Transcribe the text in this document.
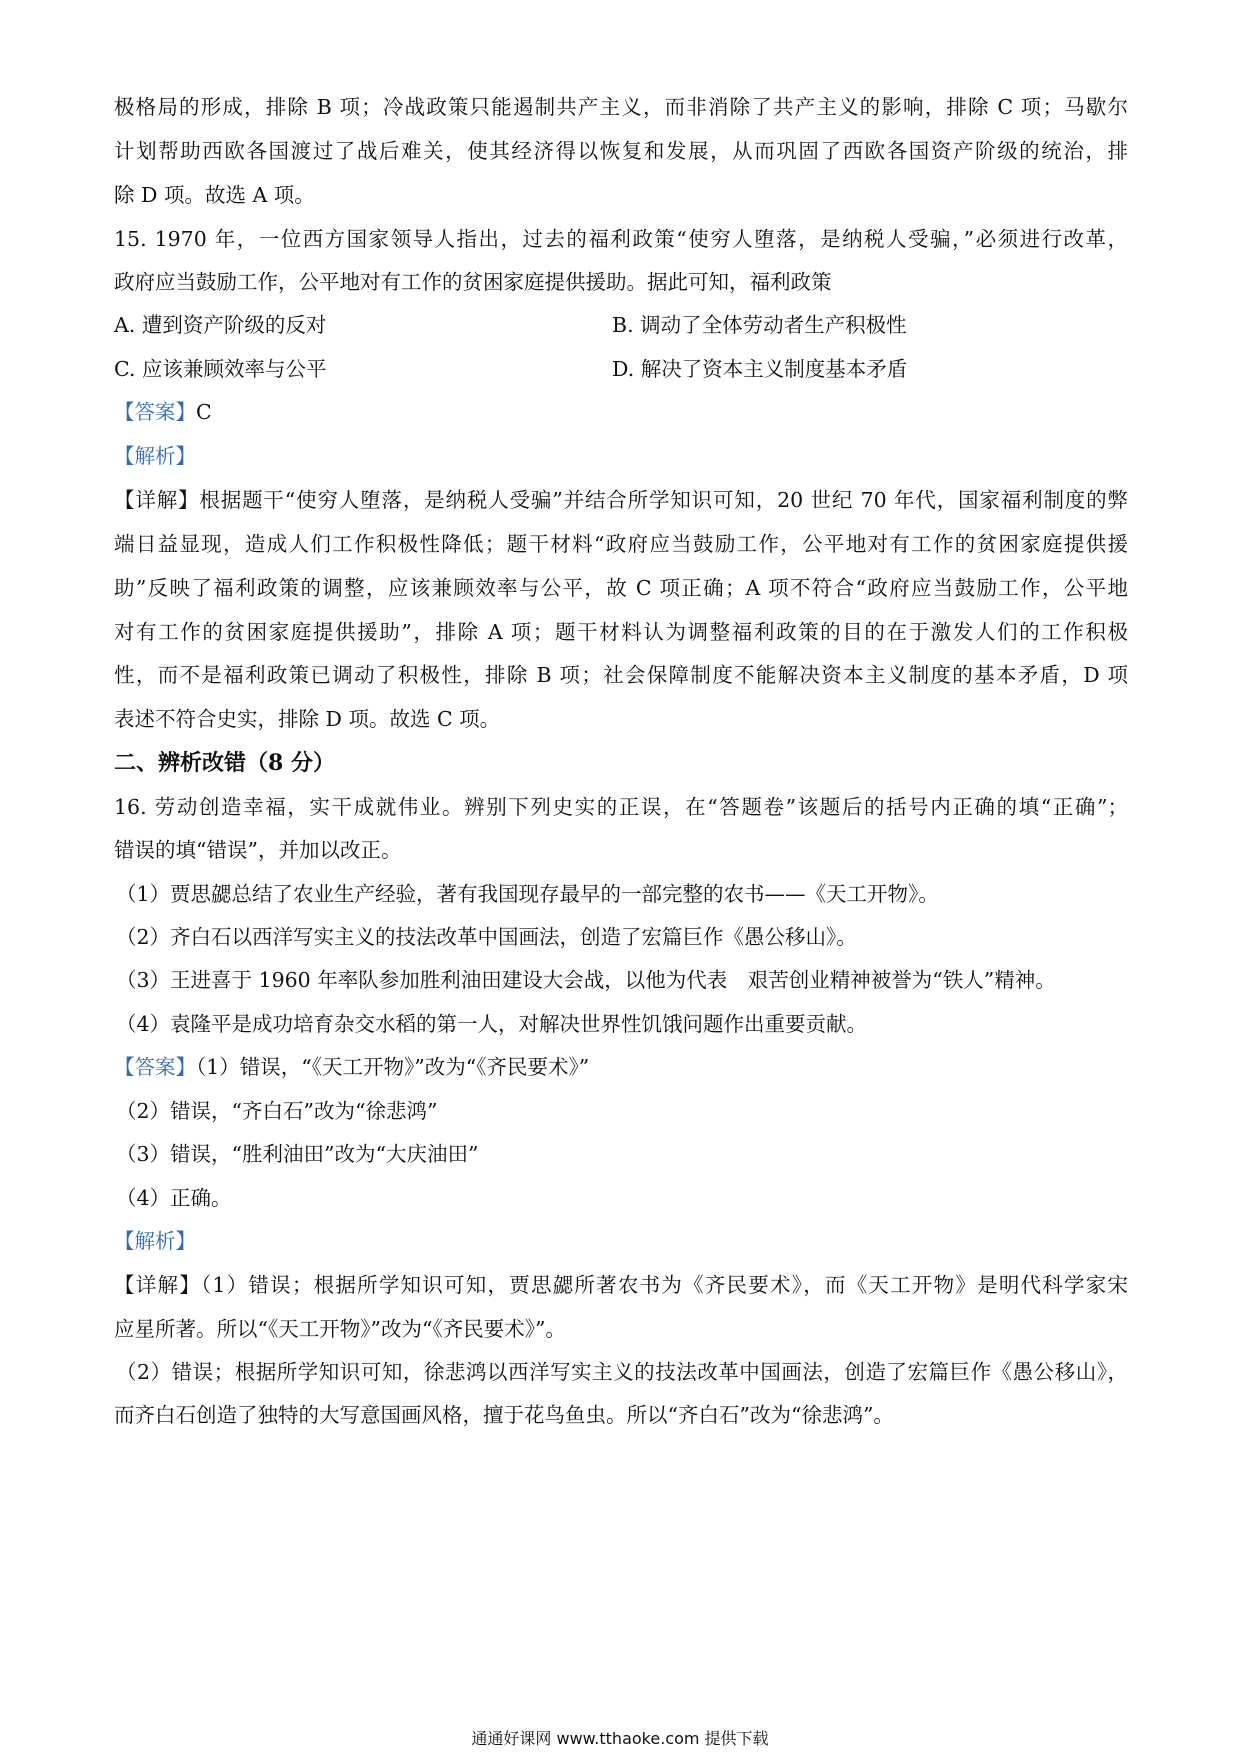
极格局的形成，排除 B 项；冷战政策只能遏制共产主义，而非消除了共产主义的影响，排除 C 项；马歇尔
计划帮助西欧各国渡过了战后难关，使其经济得以恢复和发展，从而巩固了西欧各国资产阶级的统治，排
除 D 项。故选 A 项。
15. 1970 年，一位西方国家领导人指出，过去的福利政策“使穷人堕落，是纳税人受骗，”必须进行改革，
政府应当鼓励工作，公平地对有工作的贫困家庭提供援助。据此可知，福利政策
A. 遭到资产阶级的反对	B. 调动了全体劳动者生产积极性
C. 应该兼顾效率与公平	D. 解决了资本主义制度基本矛盾
【答案】C
【解析】
【详解】根据题干“使穷人堕落，是纳税人受骗”并结合所学知识可知，20 世纪 70 年代，国家福利制度的弊
端日益显现，造成人们工作积极性降低；题干材料“政府应当鼓励工作，公平地对有工作的贫困家庭提供援
助”反映了福利政策的调整，应该兼顾效率与公平，故 C 项正确；A 项不符合“政府应当鼓励工作，公平地
对有工作的贫困家庭提供援助”，排除 A 项；题干材料认为调整福利政策的目的在于激发人们的工作积极
性，而不是福利政策已调动了积极性，排除 B 项；社会保障制度不能解决资本主义制度的基本矛盾，D 项
表述不符合史实，排除 D 项。故选 C 项。
二、辨析改错（8 分）
16. 劳动创造幸福，实干成就伟业。辨别下列史实的正误，在“答题卷”该题后的括号内正确的填“正确”；
错误的填“错误”，并加以改正。
（1）贾思勰总结了农业生产经验，著有我国现存最早的一部完整的农书——《天工开物》。
（2）齐白石以西洋写实主义的技法改革中国画法，创造了宏篇巨作《愚公移山》。
（3）王进喜于 1960 年率队参加胜利油田建设大会战，以他为代表　艰苦创业精神被誉为“铁人”精神。
（4）袁隆平是成功培育杂交水稻的第一人，对解决世界性饥饿问题作出重要贡献。
【答案】（1）错误，“《天工开物》”改为“《齐民要术》”
（2）错误，“齐白石”改为“徐悲鸿”
（3）错误，“胜利油田”改为“大庆油田”
（4）正确。
【解析】
【详解】（1）错误；根据所学知识可知，贾思勰所著农书为《齐民要术》，而《天工开物》是明代科学家宋
应星所著。所以“《天工开物》”改为“《齐民要术》”。
（2）错误；根据所学知识可知，徐悲鸿以西洋写实主义的技法改革中国画法，创造了宏篇巨作《愚公移山》，
而齐白石创造了独特的大写意国画风格，擅于花鸟鱼虫。所以“齐白石”改为“徐悲鸿”。
通通好课网 www.tthaoke.com 提供下载
